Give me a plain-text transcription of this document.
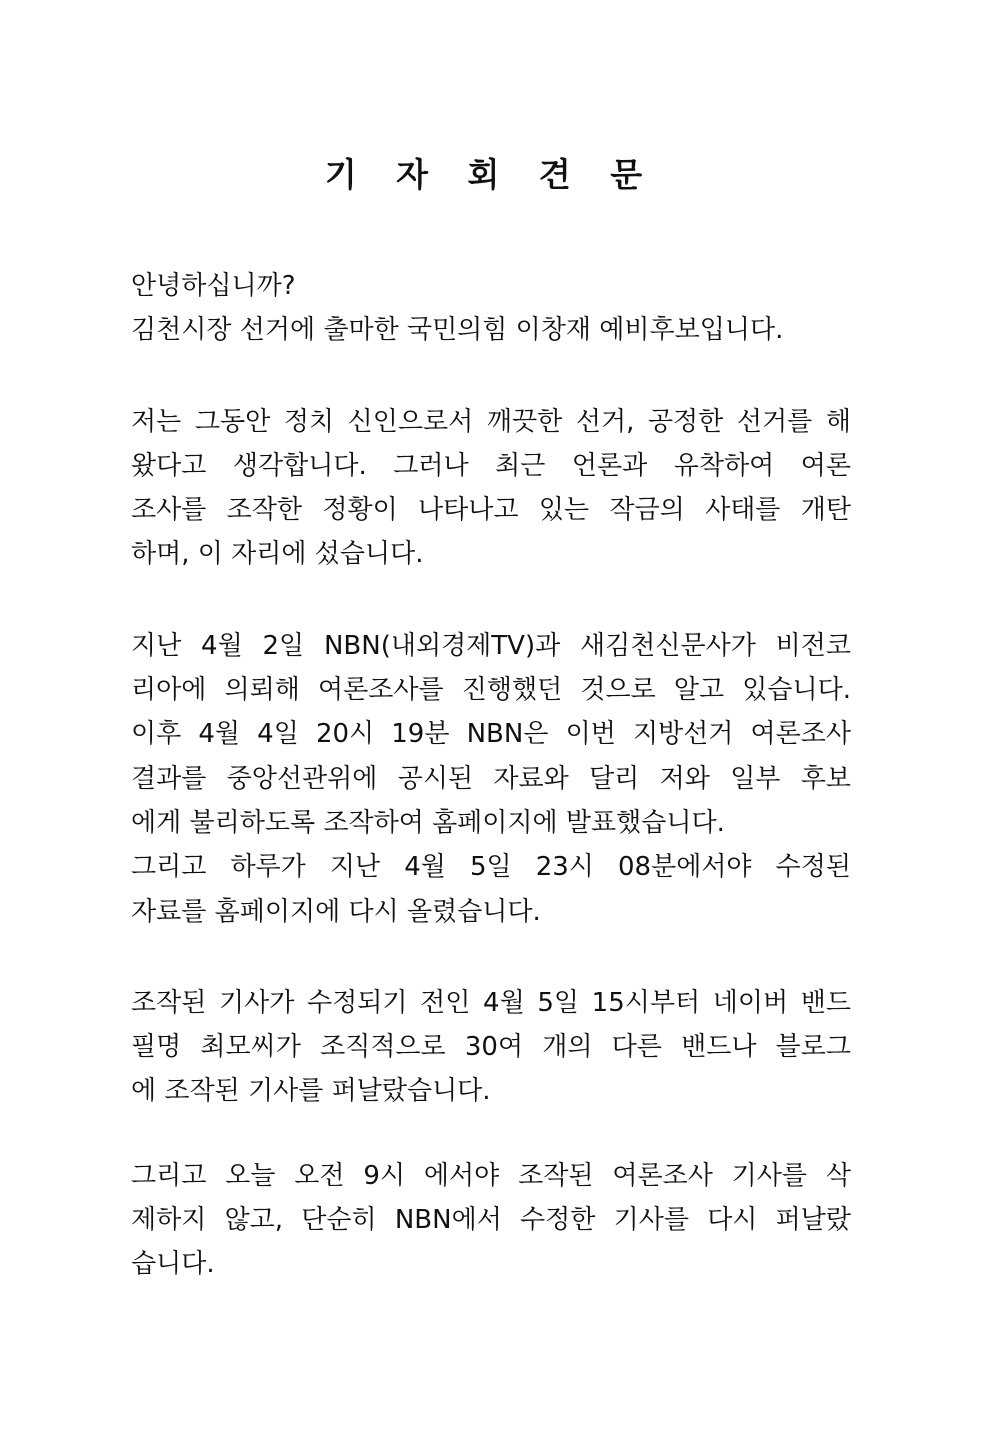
기 자 회 견 문
안녕하십니까?
김천시장 선거에 출마한 국민의힘 이창재 예비후보입니다.
저는 그동안 정치 신인으로서 깨끗한 선거, 공정한 선거를 해
왔다고 생각합니다. 그러나 최근 언론과 유착하여 여론
조사를 조작한 정황이 나타나고 있는 작금의 사태를 개탄
하며, 이 자리에 섰습니다.
지난 4월 2일 NBN(내외경제TV)과 새김천신문사가 비전코
리아에 의뢰해 여론조사를 진행했던 것으로 알고 있습니다.
이후 4월 4일 20시 19분 NBN은 이번 지방선거 여론조사
결과를 중앙선관위에 공시된 자료와 달리 저와 일부 후보
에게 불리하도록 조작하여 홈페이지에 발표했습니다.
그리고 하루가 지난 4월 5일 23시 08분에서야 수정된
자료를 홈페이지에 다시 올렸습니다.
조작된 기사가 수정되기 전인 4월 5일 15시부터 네이버 밴드
필명 최모씨가 조직적으로 30여 개의 다른 밴드나 블로그
에 조작된 기사를 퍼날랐습니다.
그리고 오늘 오전 9시 에서야 조작된 여론조사 기사를 삭
제하지 않고, 단순히 NBN에서 수정한 기사를 다시 퍼날랐
습니다.
